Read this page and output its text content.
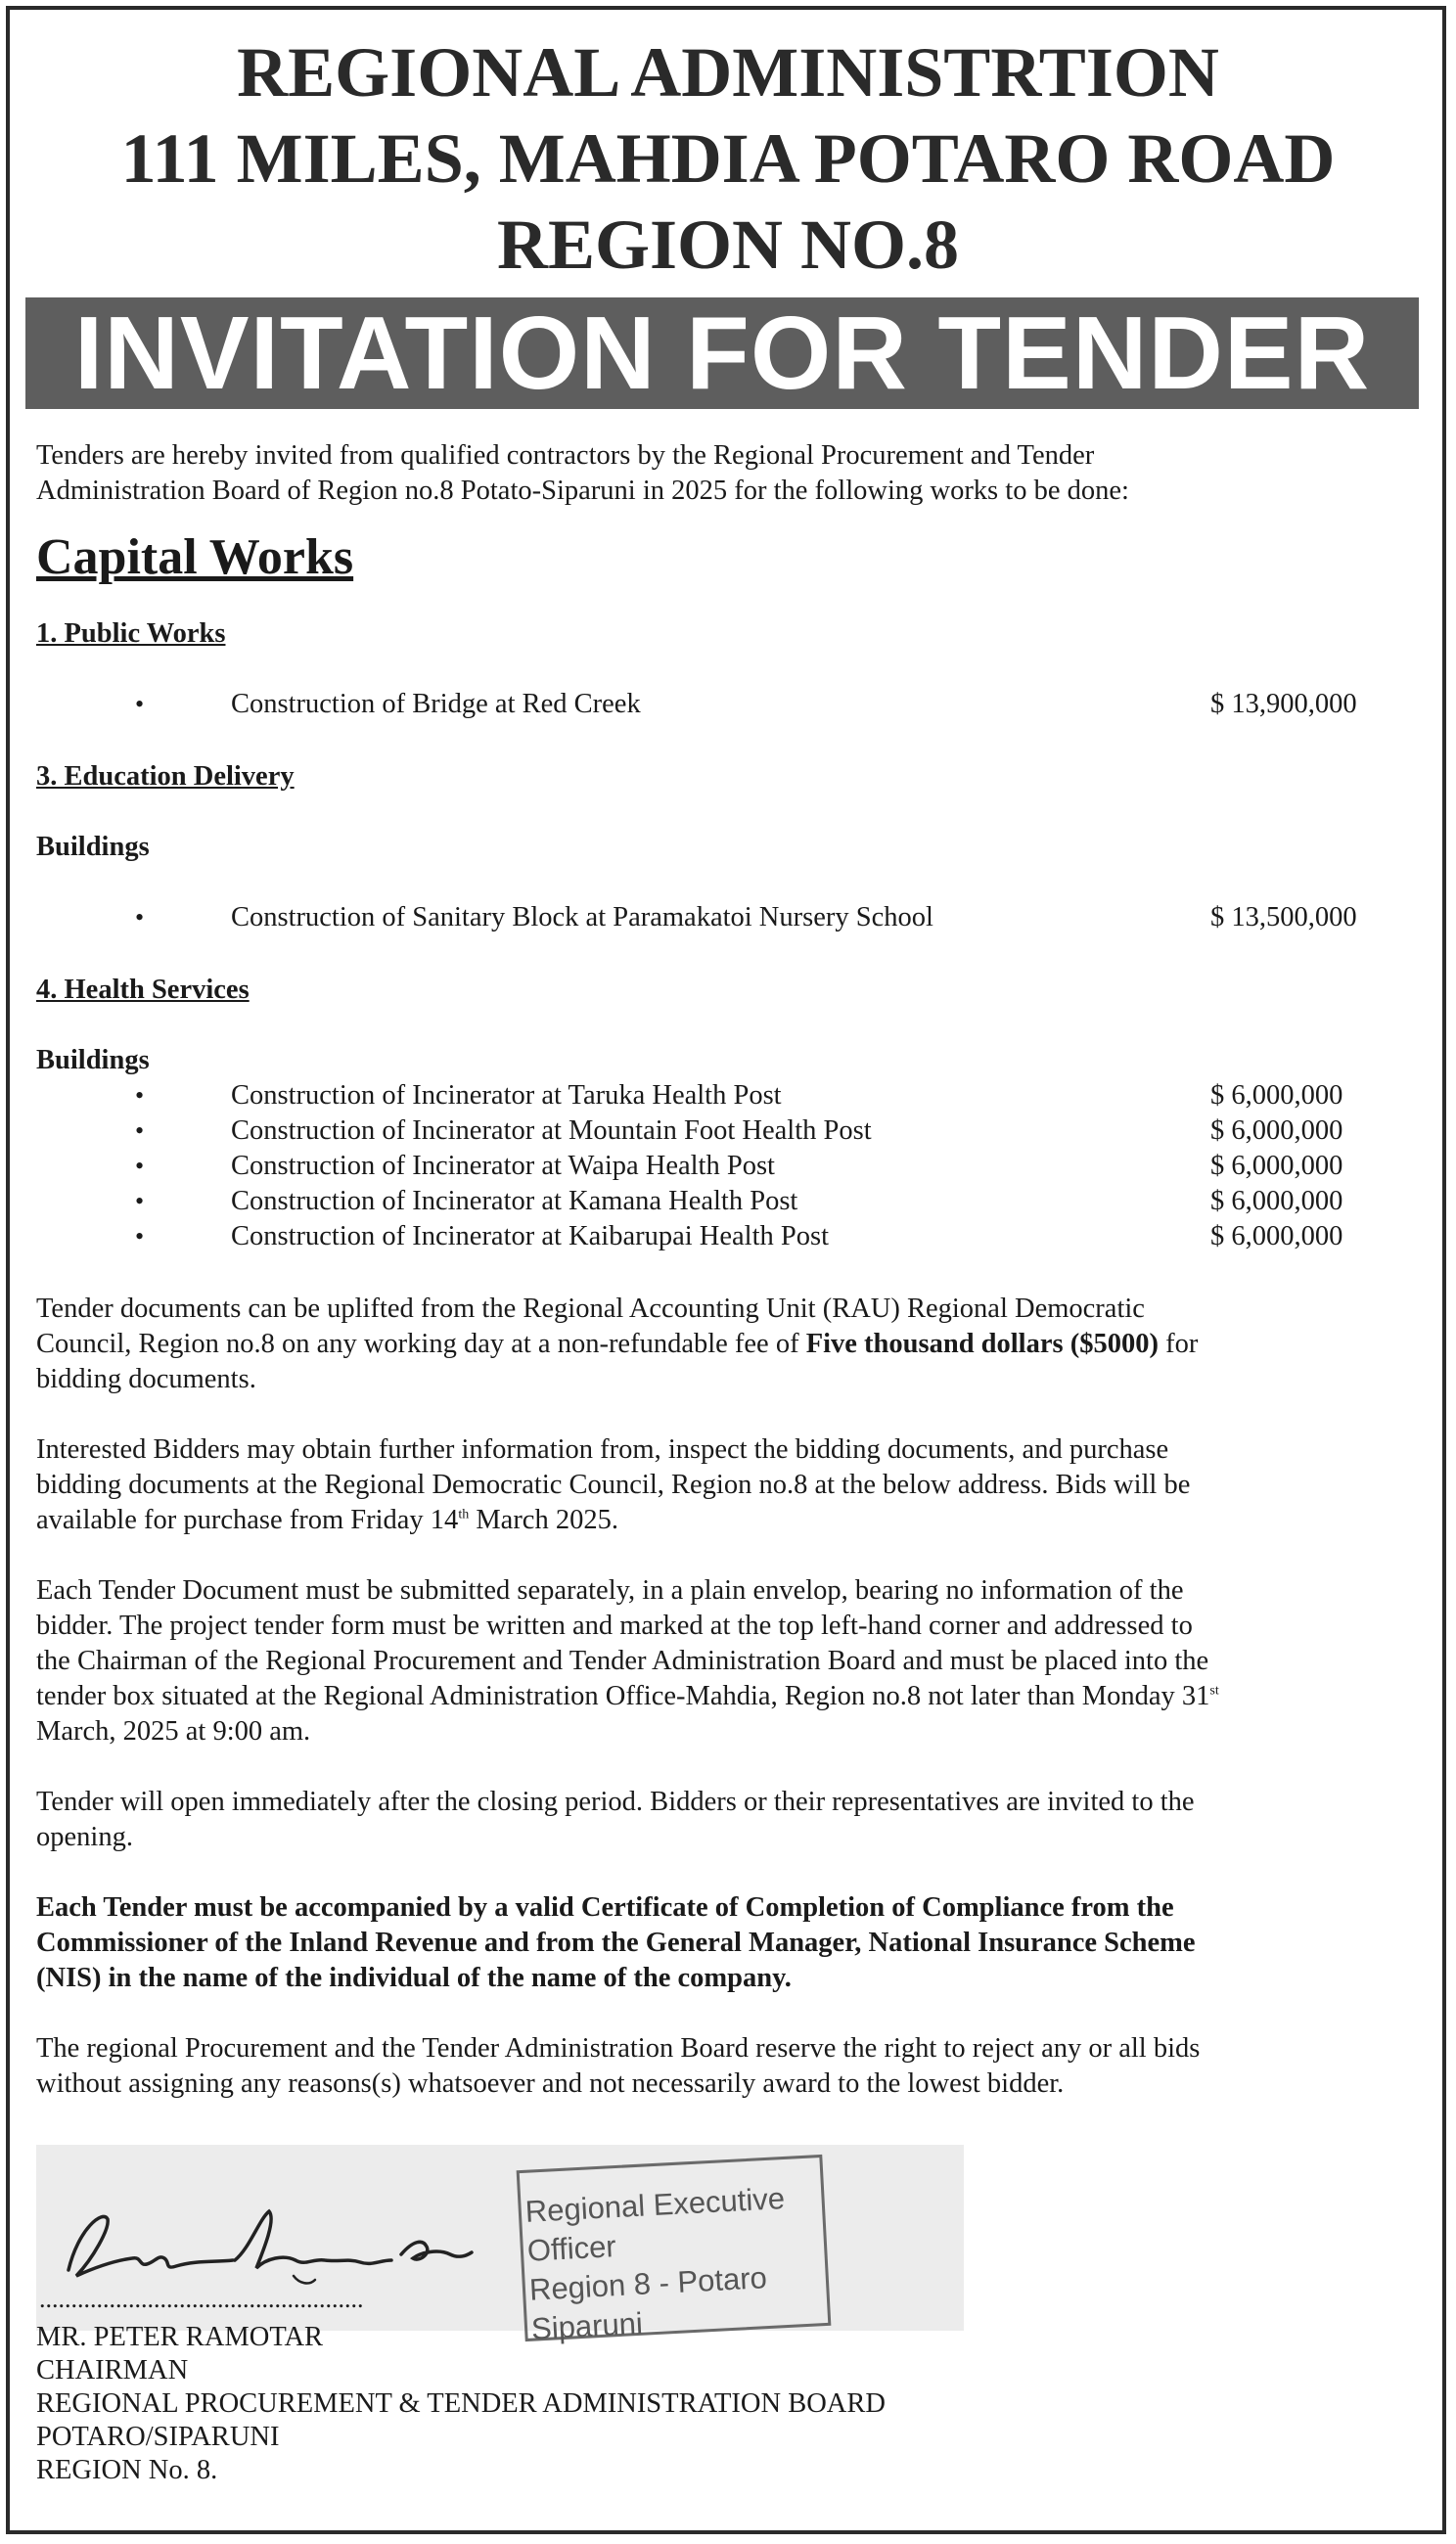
REGIONAL ADMINISTRTION
111 MILES, MAHDIA POTARO ROAD
REGION NO.8
INVITATION FOR TENDER
Tenders are hereby invited from qualified contractors by the Regional Procurement and Tender
Administration Board of Region no.8 Potato-Siparuni in 2025 for the following works to be done:
Capital Works
1. Public Works
•	Construction of Bridge at Red Creek	$ 13,900,000
3. Education Delivery
Buildings
•	Construction of Sanitary Block at Paramakatoi Nursery School	$ 13,500,000
4. Health Services
Buildings
•	Construction of Incinerator at Taruka Health Post	$ 6,000,000
•	Construction of Incinerator at Mountain Foot Health Post	$ 6,000,000
•	Construction of Incinerator at Waipa Health Post	$ 6,000,000
•	Construction of Incinerator at Kamana Health Post	$ 6,000,000
•	Construction of Incinerator at Kaibarupai Health Post	$ 6,000,000
Tender documents can be uplifted from the Regional Accounting Unit (RAU) Regional Democratic
Council, Region no.8 on any working day at a non-refundable fee of Five thousand dollars ($5000) for
bidding documents.
Interested Bidders may obtain further information from, inspect the bidding documents, and purchase
bidding documents at the Regional Democratic Council, Region no.8 at the below address. Bids will be
available for purchase from Friday 14th March 2025.
Each Tender Document must be submitted separately, in a plain envelop, bearing no information of the
bidder. The project tender form must be written and marked at the top left-hand corner and addressed to
the Chairman of the Regional Procurement and Tender Administration Board and must be placed into the
tender box situated at the Regional Administration Office-Mahdia, Region no.8 not later than Monday 31st
March, 2025 at 9:00 am.
Tender will open immediately after the closing period. Bidders or their representatives are invited to the
opening.
Each Tender must be accompanied by a valid Certificate of Completion of Compliance from the
Commissioner of the Inland Revenue and from the General Manager, National Insurance Scheme
(NIS) in the name of the individual of the name of the company.
The regional Procurement and the Tender Administration Board reserve the right to reject any or all bids
without assigning any reasons(s) whatsoever and not necessarily award to the lowest bidder.
...................................................
Regional Executive Officer
Region 8 - Potaro Siparuni
MR. PETER RAMOTAR
CHAIRMAN
REGIONAL PROCUREMENT & TENDER ADMINISTRATION BOARD
POTARO/SIPARUNI
REGION No. 8.
